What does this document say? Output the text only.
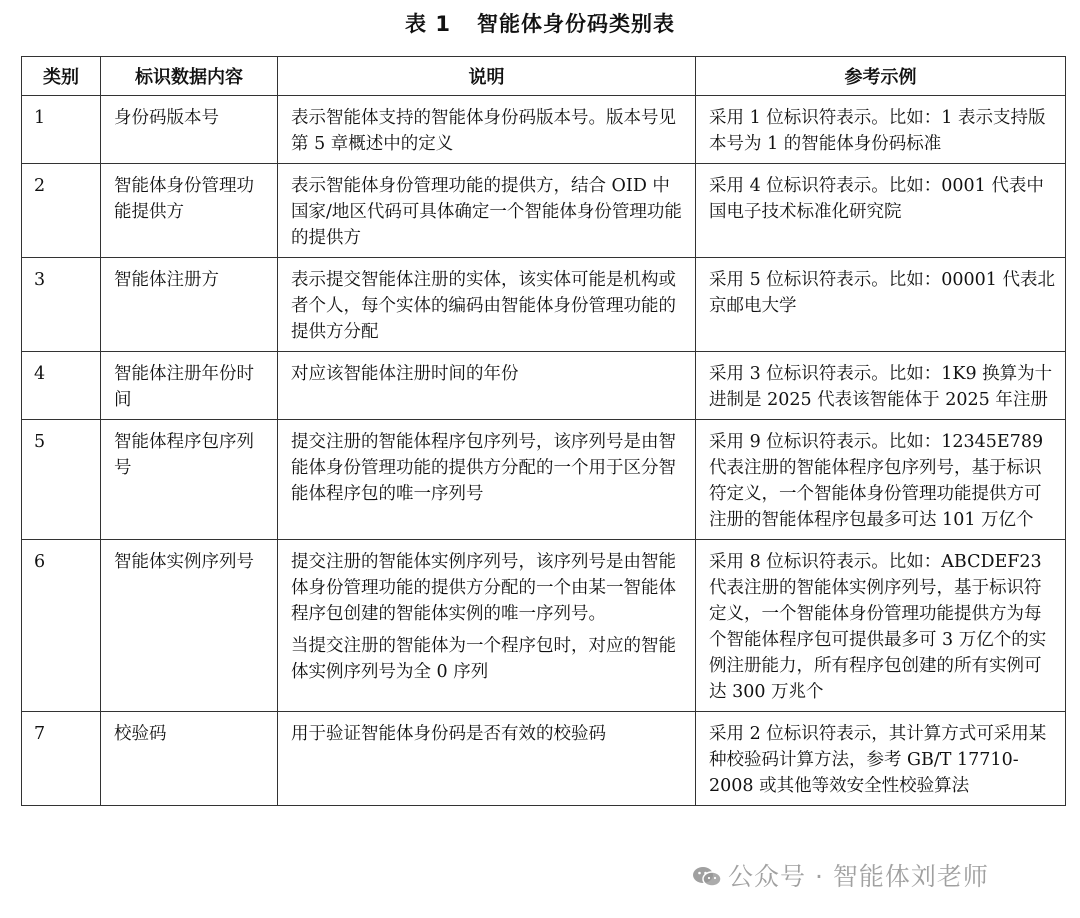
表 1 智能体身份码类别表
类别	标识数据内容	说明	参考示例
1	身份码版本号	表示智能体支持的智能体身份码版本号。版本号见第 5 章概述中的定义	采用 1 位标识符表示。比如：1 表示支持版本号为 1 的智能体身份码标准
2	智能体身份管理功能提供方	表示智能体身份管理功能的提供方，结合 OID 中国家/地区代码可具体确定一个智能体身份管理功能的提供方	采用 4 位标识符表示。比如：0001 代表中国电子技术标准化研究院
3	智能体注册方	表示提交智能体注册的实体，该实体可能是机构或者个人，每个实体的编码由智能体身份管理功能的提供方分配	采用 5 位标识符表示。比如：00001 代表北京邮电大学
4	智能体注册年份时间	对应该智能体注册时间的年份	采用 3 位标识符表示。比如：1K9 换算为十进制是 2025 代表该智能体于 2025 年注册
5	智能体程序包序列号	提交注册的智能体程序包序列号，该序列号是由智能体身份管理功能的提供方分配的一个用于区分智能体程序包的唯一序列号	采用 9 位标识符表示。比如：12345E789 代表注册的智能体程序包序列号，基于标识符定义，一个智能体身份管理功能提供方可注册的智能体程序包最多可达 101 万亿个
6	智能体实例序列号	提交注册的智能体实例序列号，该序列号是由智能体身份管理功能的提供方分配的一个由某一智能体程序包创建的智能体实例的唯一序列号。

当提交注册的智能体为一个程序包时，对应的智能体实例序列号为全 0 序列	采用 8 位标识符表示。比如：ABCDEF23 代表注册的智能体实例序列号，基于标识符定义，一个智能体身份管理功能提供方为每个智能体程序包可提供最多可 3 万亿个的实例注册能力，所有程序包创建的所有实例可达 300 万兆个
7	校验码	用于验证智能体身份码是否有效的校验码	采用 2 位标识符表示，其计算方式可采用某种校验码计算方法，参考 GB/T 17710-2008 或其他等效安全性校验算法
公众号 · 智能体刘老师
